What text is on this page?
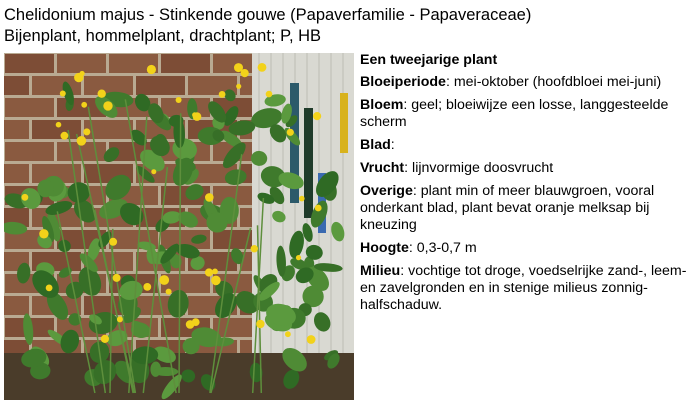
Chelidonium majus - Stinkende gouwe (Papaverfamilie - Papaveraceae)
Bijenplant, hommelplant, drachtplant; P, HB

Een tweejarige plant

Bloeiperiode: mei-oktober (hoofdbloei mei-juni)

Bloem: geel; bloeiwijze een losse, langgesteelde scherm

Blad:

Vrucht: lijnvormige doosvrucht

Overige: plant min of meer blauwgroen, vooral onderkant blad, plant bevat oranje melksap bij kneuzing

Hoogte: 0,3-0,7 m

Milieu: vochtige tot droge, voedselrijke zand-, leem- en zavelgronden en in stenige milieus zonnig-halfschaduw.
